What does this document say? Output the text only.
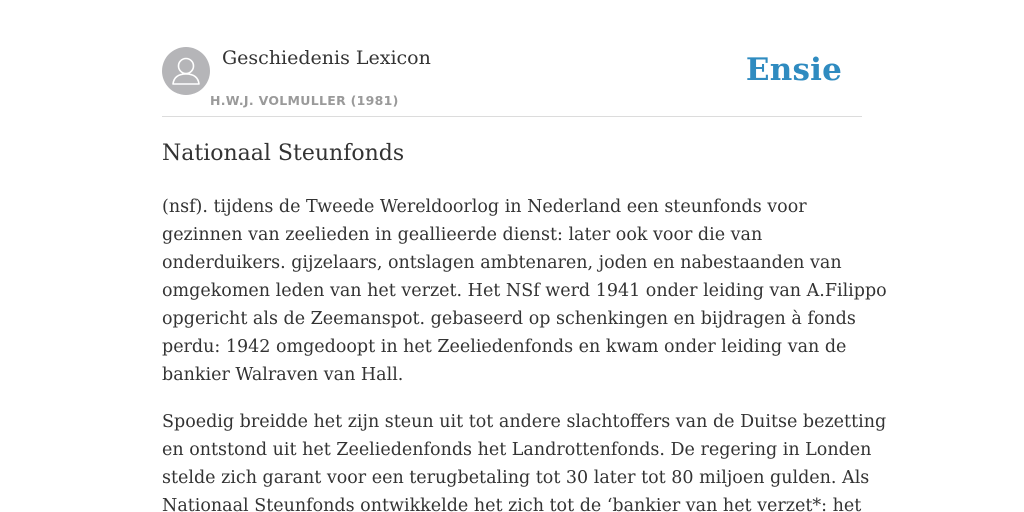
Geschiedenis Lexicon
H.W.J. VOLMULLER (1981)
Ensie
Nationaal Steunfonds

(nsf). tijdens de Tweede Wereldoorlog in Nederland een steunfonds voor
gezinnen van zeelieden in geallieerde dienst: later ook voor die van
onderduikers. gijzelaars, ontslagen ambtenaren, joden en nabestaanden van
omgekomen leden van het verzet. Het NSf werd 1941 onder leiding van A.Filippo
opgericht als de Zeemanspot. gebaseerd op schenkingen en bijdragen à fonds
perdu: 1942 omgedoopt in het Zeeliedenfonds en kwam onder leiding van de
bankier Walraven van Hall.

Spoedig breidde het zijn steun uit tot andere slachtoffers van de Duitse bezetting
en ontstond uit het Zeeliedenfonds het Landrottenfonds. De regering in Londen
stelde zich garant voor een terugbetaling tot 30 later tot 80 miljoen gulden. Als
Nationaal Steunfonds ontwikkelde het zich tot de ‘bankier van het verzet*: het
